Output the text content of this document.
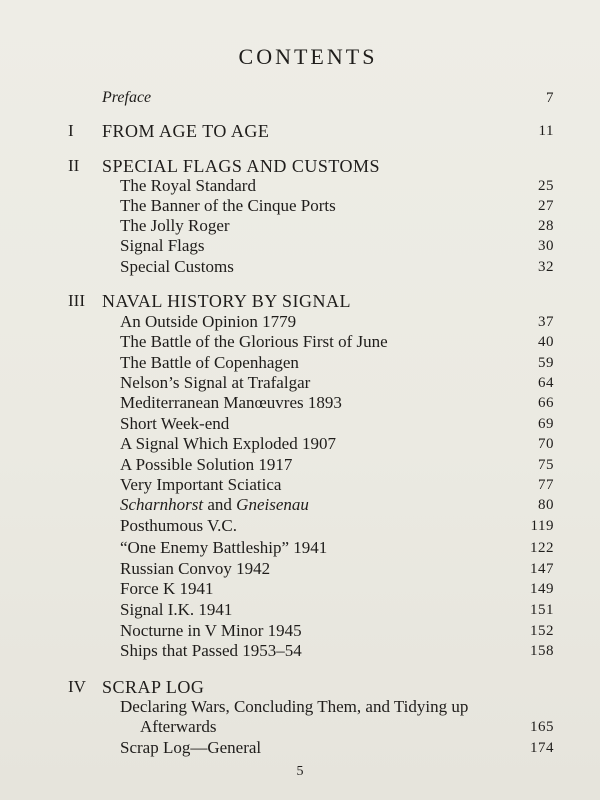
CONTENTS
Preface	7
I	FROM AGE TO AGE	11
II	SPECIAL FLAGS AND CUSTOMS
The Royal Standard	25
The Banner of the Cinque Ports	27
The Jolly Roger	28
Signal Flags	30
Special Customs	32
III NAVAL HISTORY BY SIGNAL
An Outside Opinion 1779	37
The Battle of the Glorious First of June	40
The Battle of Copenhagen	59
Nelson’s Signal at Trafalgar	64
Mediterranean Manœuvres 1893	66
Short Week-end	69
A Signal Which Exploded 1907	70
A Possible Solution 1917	75
Very Important Sciatica	77
Scharnhorst and Gneisenau	80
Posthumous V.C.	119
“One Enemy Battleship” 1941	122
Russian Convoy 1942	147
Force K 1941	149
Signal I.K. 1941	151
Nocturne in V Minor 1945	152
Ships that Passed 1953–54	158
IV SCRAP LOG
Declaring Wars, Concluding Them, and Tidying up
Afterwards	165
Scrap Log—General	174
5
